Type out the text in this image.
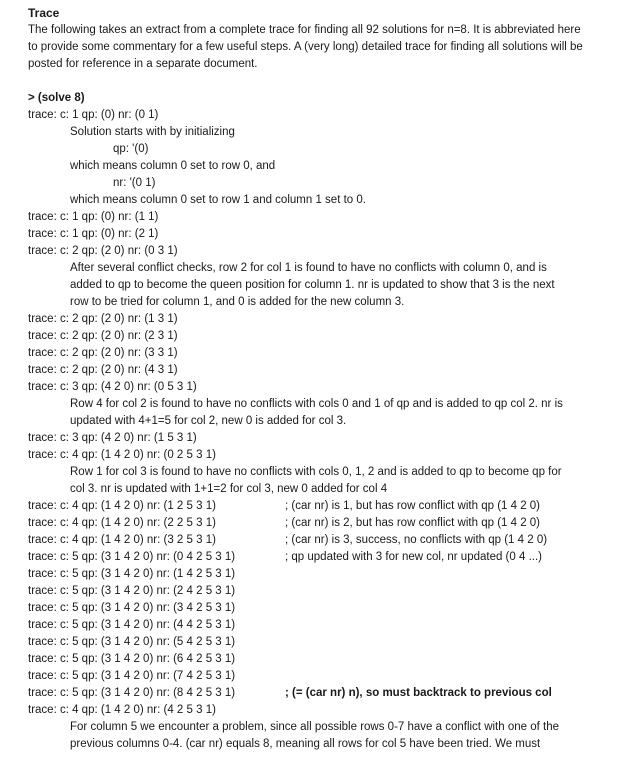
Trace

The following takes an extract from a complete trace for finding all 92 solutions for n=8. It is abbreviated here to provide some commentary for a few useful steps. A (very long) detailed trace for finding all solutions will be posted for reference in a separate document.

> (solve 8)
trace: c: 1 qp: (0) nr: (0 1)
Solution starts with by initializing
qp: '(0)
which means column 0 set to row 0, and
nr: '(0 1)
which means column 0 set to row 1 and column 1 set to 0.
trace: c: 1 qp: (0) nr: (1 1)
trace: c: 1 qp: (0) nr: (2 1)
trace: c: 2 qp: (2 0) nr: (0 3 1)
After several conflict checks, row 2 for col 1 is found to have no conflicts with column 0, and is added to qp to become the queen position for column 1. nr is updated to show that 3 is the next row to be tried for column 1, and 0 is added for the new column 3.
trace: c: 2 qp: (2 0) nr: (1 3 1)
trace: c: 2 qp: (2 0) nr: (2 3 1)
trace: c: 2 qp: (2 0) nr: (3 3 1)
trace: c: 2 qp: (2 0) nr: (4 3 1)
trace: c: 3 qp: (4 2 0) nr: (0 5 3 1)
Row 4 for col 2 is found to have no conflicts with cols 0 and 1 of qp and is added to qp col 2. nr is updated with 4+1=5 for col 2, new 0 is added for col 3.
trace: c: 3 qp: (4 2 0) nr: (1 5 3 1)
trace: c: 4 qp: (1 4 2 0) nr: (0 2 5 3 1)
Row 1 for col 3 is found to have no conflicts with cols 0, 1, 2 and is added to qp to become qp for col 3. nr is updated with 1+1=2 for col 3, new 0 added for col 4
trace: c: 4 qp: (1 4 2 0) nr: (1 2 5 3 1)	; (car nr) is 1, but has row conflict with qp (1 4 2 0)
trace: c: 4 qp: (1 4 2 0) nr: (2 2 5 3 1)	; (car nr) is 2, but has row conflict with qp (1 4 2 0)
trace: c: 4 qp: (1 4 2 0) nr: (3 2 5 3 1)	; (car nr) is 3, success, no conflicts with qp (1 4 2 0)
trace: c: 5 qp: (3 1 4 2 0) nr: (0 4 2 5 3 1)	; qp updated with 3 for new col, nr updated (0 4 ...)
trace: c: 5 qp: (3 1 4 2 0) nr: (1 4 2 5 3 1)
trace: c: 5 qp: (3 1 4 2 0) nr: (2 4 2 5 3 1)
trace: c: 5 qp: (3 1 4 2 0) nr: (3 4 2 5 3 1)
trace: c: 5 qp: (3 1 4 2 0) nr: (4 4 2 5 3 1)
trace: c: 5 qp: (3 1 4 2 0) nr: (5 4 2 5 3 1)
trace: c: 5 qp: (3 1 4 2 0) nr: (6 4 2 5 3 1)
trace: c: 5 qp: (3 1 4 2 0) nr: (7 4 2 5 3 1)
trace: c: 5 qp: (3 1 4 2 0) nr: (8 4 2 5 3 1)	; (= (car nr) n), so must backtrack to previous col
trace: c: 4 qp: (1 4 2 0) nr: (4 2 5 3 1)
For column 5 we encounter a problem, since all possible rows 0-7 have a conflict with one of the previous columns 0-4. (car nr) equals 8, meaning all rows for col 5 have been tried. We must
